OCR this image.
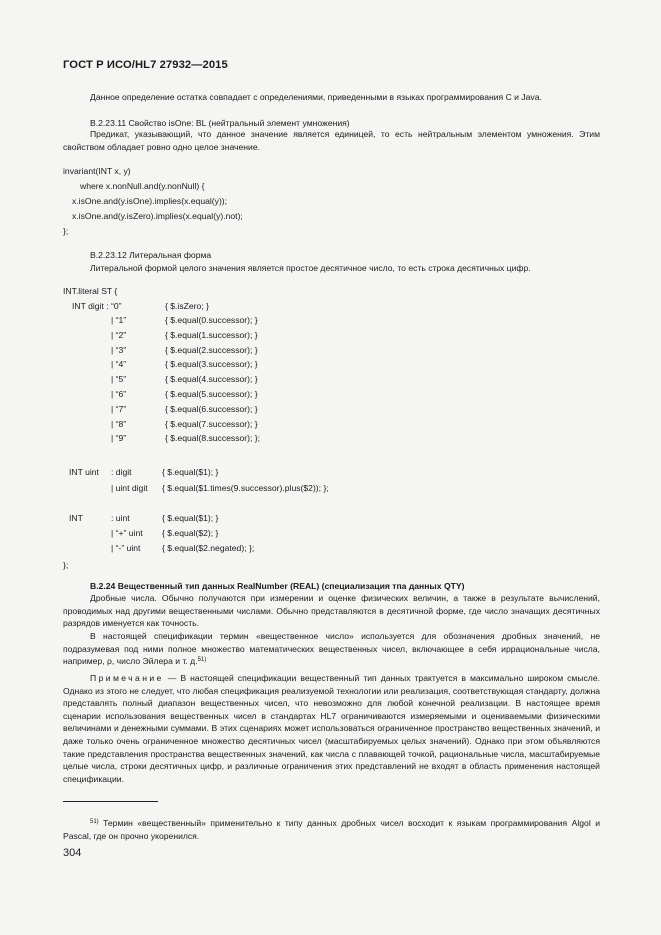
ГОСТ Р ИСО/HL7 27932—2015
Данное определение остатка совпадает с определениями, приведенными в языках программирования C и Java.
B.2.23.11 Свойство isOne: BL (нейтральный элемент умножения)
Предикат, указывающий, что данное значение является единицей, то есть нейтральным элементом умножения. Этим свойством обладает ровно одно целое значение.
invariant(INT x, y)
where x.nonNull.and(y.nonNull) {
x.isOne.and(y.isOne).implies(x.equal(y));
x.isOne.and(y.isZero).implies(x.equal(y).not);
};
B.2.23.12 Литеральная форма
Литеральной формой целого значения является простое десятичное число, то есть строка десятичных цифр.
INT.literal ST {
INT digit : “0”	{ $.isZero; }
| “1”	{ $.equal(0.successor); }
| “2”	{ $.equal(1.successor); }
| “3”	{ $.equal(2.successor); }
| “4”	{ $.equal(3.successor); }
| “5”	{ $.equal(4.successor); }
| “6”	{ $.equal(5.successor); }
| “7”	{ $.equal(6.successor); }
| “8”	{ $.equal(7.successor); }
| “9”	{ $.equal(8.successor); };
INT uint : digit	{ $.equal($1); }
| uint digit { $.equal($1.times(9.successor).plus($2)); };
INT	: uint	{ $.equal($1); }
| “+” uint { $.equal($2); }
| “-” uint	{ $.equal($2.negated); };
};
B.2.24 Вещественный тип данных RealNumber (REAL) (специализация тпа данных QTY)
Дробные числа. Обычно получаются при измерении и оценке физических величин, а также в результате вычислений, проводимых над другими вещественными числами. Обычно представляются в десятичной форме, где число значащих десятичных разрядов именуется как точность.
В настоящей спецификации термин «вещественное число» используется для обозначения дробных значений, не подразумевая под ними полное множество математических вещественных чисел, включающее в себя иррациональные числа, например, ρ, число Эйлера и т. д.$^{51)}$
Примечание — В настоящей спецификации вещественный тип данных трактуется в максимально широком смысле. Однако из этого не следует, что любая спецификация реализуемой технологии или реализация, соответствующая стандарту, должна представлять полный диапазон вещественных чисел, что невозможно для любой конечной реализации. В настоящее время сценарии использования вещественных чисел в стандартах HL7 ограничиваются измеряемыми и оцениваемыми физическими величинами и денежными суммами. В этих сценариях может использоваться ограниченное пространство вещественных значений, и даже только очень ограниченное множество десятичных чисел (масштабируемых целых значений). Однако при этом объявляются такие представления пространства вещественных значений, как числа с плавающей точкой, рациональные числа, масштабируемые целые числа, строки десятичных цифр, и различные ограничения этих представлений не входят в область применения настоящей спецификации.
$^{51)}$ Термин «вещественный» применительно к типу данных дробных чисел восходит к языкам программирования Algol и Pascal, где он прочно укоренился.
304
